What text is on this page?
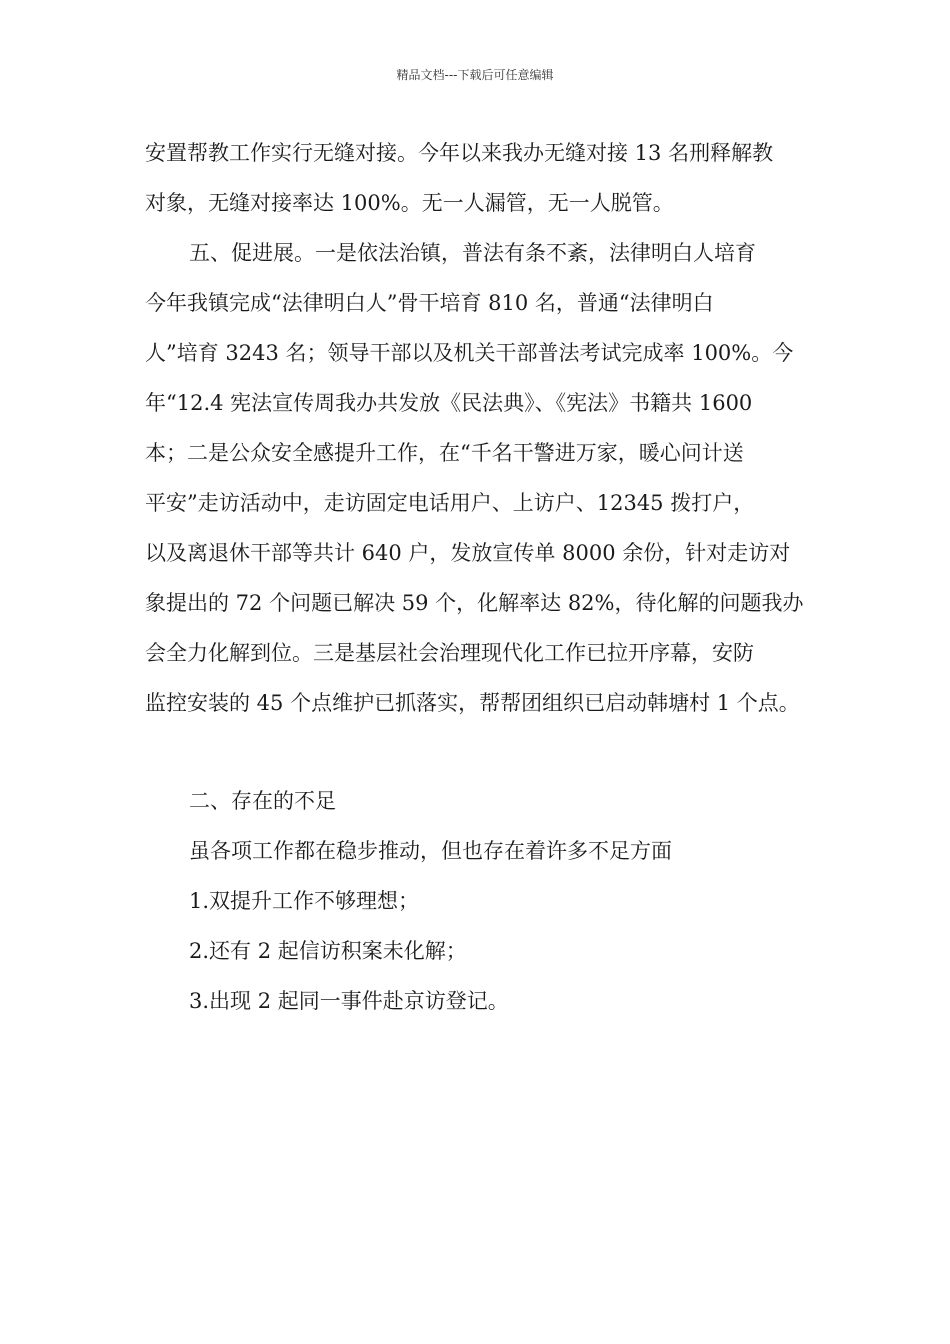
精品文档---下载后可任意编辑
安置帮教工作实行无缝对接。今年以来我办无缝对接 13 名刑释解教
对象，无缝对接率达 100%。无一人漏管，无一人脱管。
五、促进展。一是依法治镇，普法有条不紊，法律明白人培育
今年我镇完成“法律明白人”骨干培育 810 名，普通“法律明白
人”培育 3243 名；领导干部以及机关干部普法考试完成率 100%。今
年“12.4 宪法宣传周我办共发放《民法典》、《宪法》书籍共 1600
本；二是公众安全感提升工作，在“千名干警进万家，暖心问计送
平安”走访活动中，走访固定电话用户、上访户、12345 拨打户，
以及离退休干部等共计 640 户，发放宣传单 8000 余份，针对走访对
象提出的 72 个问题已解决 59 个，化解率达 82%，待化解的问题我办
会全力化解到位。三是基层社会治理现代化工作已拉开序幕，安防
监控安装的 45 个点维护已抓落实，帮帮团组织已启动韩塘村 1 个点。
二、存在的不足
虽各项工作都在稳步推动，但也存在着许多不足方面
1.双提升工作不够理想；
2.还有 2 起信访积案未化解；
3.出现 2 起同一事件赴京访登记。
